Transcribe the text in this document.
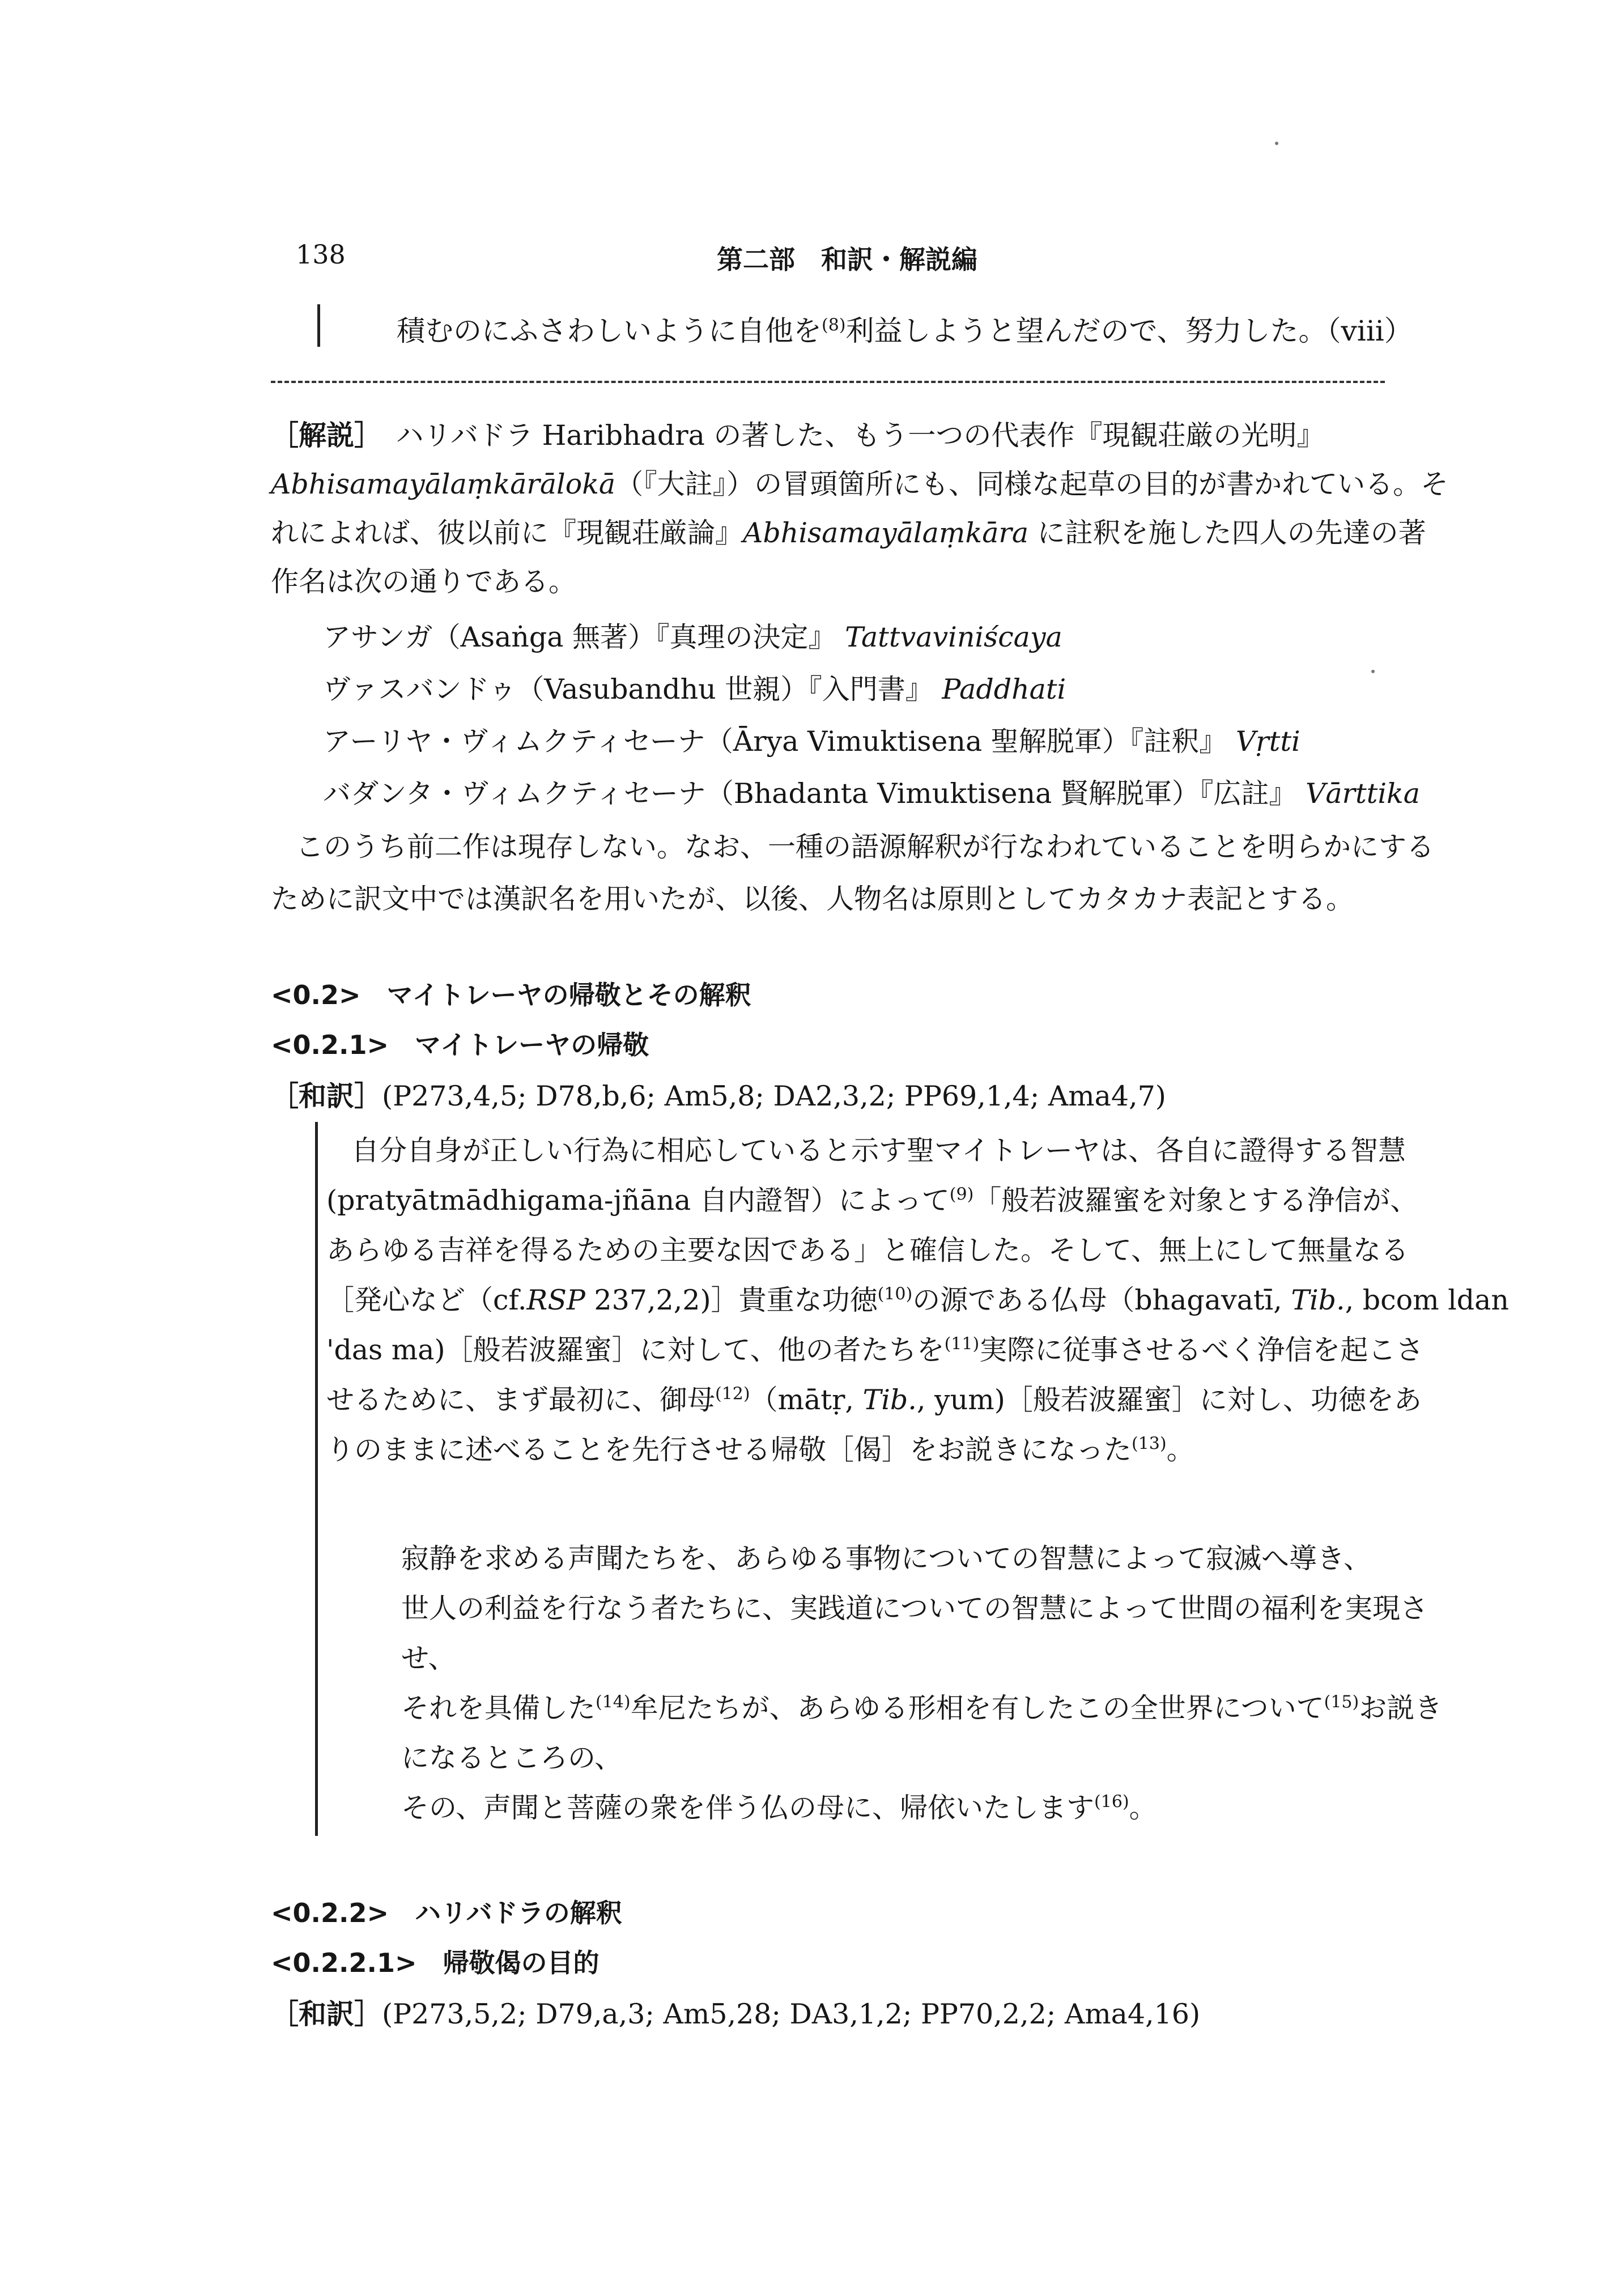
138	第二部　和訳・解説編
積むのにふさわしいように自他を$^{(8)}$利益しようと望んだので、努力した。（ⅷ）
［解説］　 ハリバドラ Haribhadra の著した、もう一つの代表作『現観荘厳の光明』
Abhisamayālaṃkārālokā（『大註』）の冒頭箇所にも、同様な起草の目的が書かれている。そ
れによれば、彼以前に『現観荘厳論』Abhisamayālaṃkāra に註釈を施した四人の先達の著
作名は次の通りである。
アサンガ（Asaṅga 無著）『真理の決定』 Tattvaviniścaya
ヴァスバンドゥ（Vasubandhu 世親）『入門書』 Paddhati
アーリヤ・ヴィムクティセーナ（Ārya Vimuktisena 聖解脱軍）『註釈』 Vṛtti
バダンタ・ヴィムクティセーナ（Bhadanta Vimuktisena 賢解脱軍）『広註』 Vārttika
このうち前二作は現存しない。なお、一種の語源解釈が行なわれていることを明らかにする
ために訳文中では漢訳名を用いたが、以後、人物名は原則としてカタカナ表記とする。
<0.2>　マイトレーヤの帰敬とその解釈
<0.2.1>　マイトレーヤの帰敬
［和訳］(P273,4,5; D78,b,6; Am5,8; DA2,3,2; PP69,1,4; Ama4,7)
自分自身が正しい行為に相応していると示す聖マイトレーヤは、各自に證得する智慧
(pratyātmādhigama-jñāna 自内證智）によって$^{(9)}$「般若波羅蜜を対象とする浄信が、
あらゆる吉祥を得るための主要な因である」と確信した。そして、無上にして無量なる
［発心など（cf.RSP 237,2,2)］貴重な功徳$^{(10)}$の源である仏母（bhagavatī, Tib., bcom ldan
'das ma)［般若波羅蜜］に対して、他の者たちを$^{(11)}$実際に従事させるべく浄信を起こさ
せるために、まず最初に、御母$^{(12)}$（mātṛ, Tib., yum)［般若波羅蜜］に対し、功徳をあ
りのままに述べることを先行させる帰敬［偈］をお説きになった$^{(13)}$。
寂静を求める声聞たちを、あらゆる事物についての智慧によって寂滅へ導き、
世人の利益を行なう者たちに、実践道についての智慧によって世間の福利を実現さ
せ、
それを具備した$^{(14)}$牟尼たちが、あらゆる形相を有したこの全世界について$^{(15)}$お説き
になるところの、
その、声聞と菩薩の衆を伴う仏の母に、帰依いたします$^{(16)}$。
<0.2.2>　ハリバドラの解釈
<0.2.2.1>　帰敬偈の目的
［和訳］(P273,5,2; D79,a,3; Am5,28; DA3,1,2; PP70,2,2; Ama4,16)
